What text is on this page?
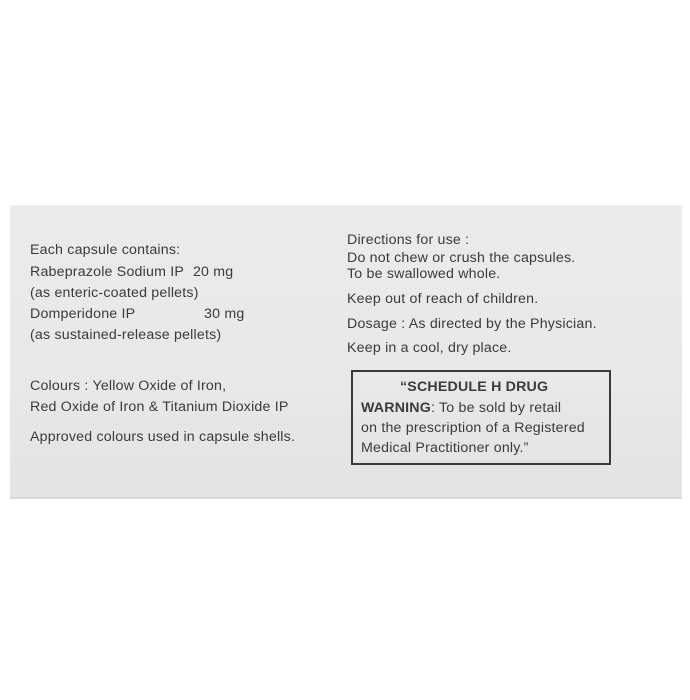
Each capsule contains:
Rabeprazole Sodium IP 20 mg
(as enteric-coated pellets)
Domperidone IP	30 mg
(as sustained-release pellets)
Colours : Yellow Oxide of Iron,
Red Oxide of Iron & Titanium Dioxide IP
Approved colours used in capsule shells.
Directions for use :
Do not chew or crush the capsules.
To be swallowed whole.
Keep out of reach of children.
Dosage : As directed by the Physician.
Keep in a cool, dry place.
“SCHEDULE H DRUG
WARNING: To be sold by retail
on the prescription of a Registered
Medical Practitioner only.”
